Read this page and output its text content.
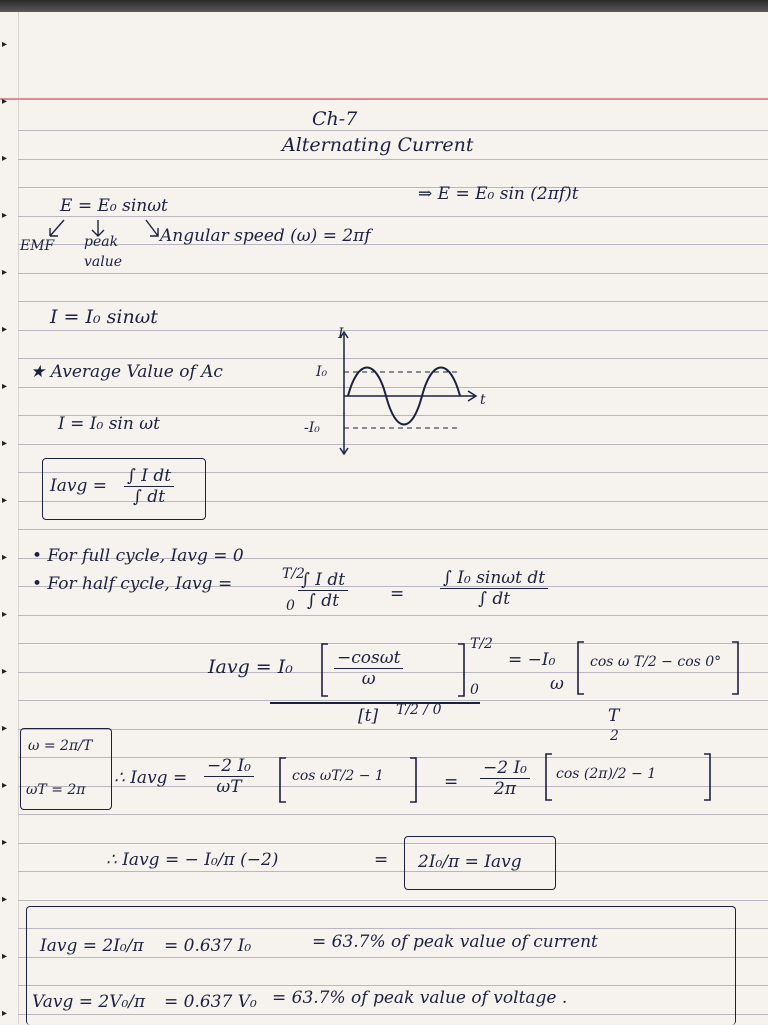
▸
▸
▸
▸
▸
▸
▸
▸
▸
▸
▸
▸
▸
▸
▸
▸
▸
▸
Ch-7
Alternating Current
E = E₀ sinωt
⇒ E = E₀ sin (2πf)t
EMF peak
value
Angular speed (ω) = 2πf
I = I₀ sinωt
★ Average Value of Ac
I = I₀ sin ωt
Iavg = $\frac{\text{∫ I dt}}{\int dt}$
I
t
I₀
-I₀
• For full cycle, Iavg = 0
• For half cycle, Iavg =	T/2
$0 \frac{\text{∫ I dt}}{\int dt} = \frac{\text{∫ I₀ sinωt dt}}{\int dt}$
Iavg = $I_0 \frac{-\cos\omega t}{\omega}$
T/2
0
[t] T/2 / 0
= −I₀
ω
cos ω T/2 − cos 0°
T
2
ω = 2π/T
ωT = 2π
∴ Iavg = $\frac{\text{−2 I₀}}{\omega T}$	cos ωT/2 − 1	= $\frac{\text{−2 I₀}}{2\pi}$ cos (2π)/2 − 1
∴ Iavg = − I₀/π (−2)	= 2I₀/π = Iavg
Iavg = 2I₀/π = 0.637 I₀	= 63.7% of peak value of current
Vavg = 2V₀/π = 0.637 V₀ = 63.7% of peak value of voltage .
